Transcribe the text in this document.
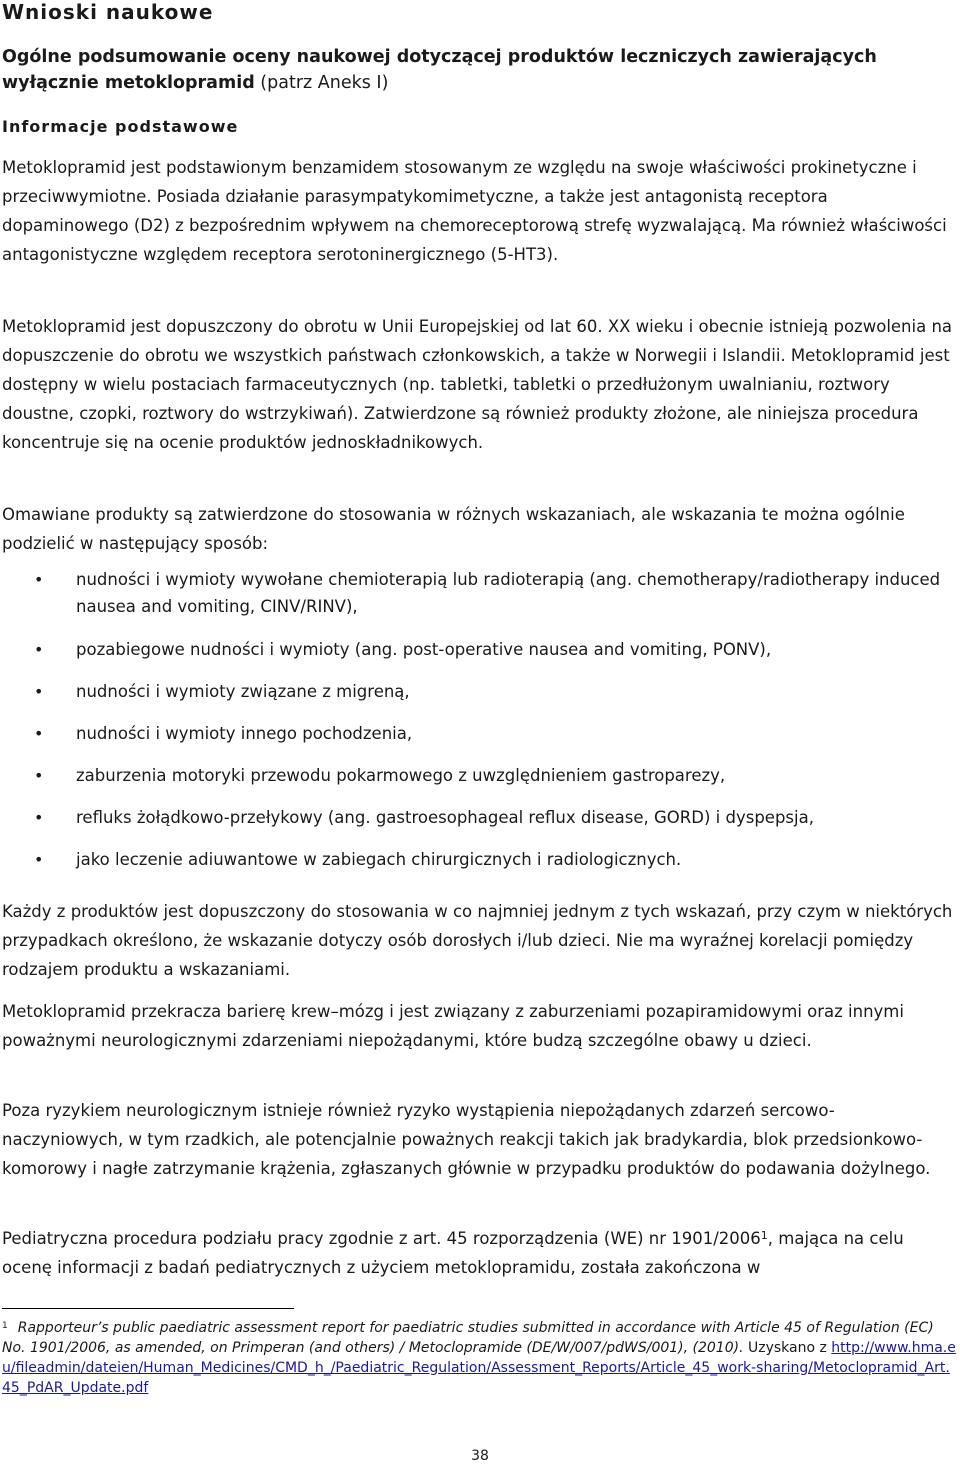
Wnioski naukowe
Ogólne podsumowanie oceny naukowej dotyczącej produktów leczniczych zawierających wyłącznie metoklopramid (patrz Aneks I)
Informacje podstawowe

Metoklopramid jest podstawionym benzamidem stosowanym ze względu na swoje właściwości prokinetyczne i przeciwwymiotne. Posiada działanie parasympatykomimetyczne, a także jest antagonistą receptora dopaminowego (D2) z bezpośrednim wpływem na chemoreceptorową strefę wyzwalającą. Ma również właściwości antagonistyczne względem receptora serotoninergicznego (5-HT3).

Metoklopramid jest dopuszczony do obrotu w Unii Europejskiej od lat 60. XX wieku i obecnie istnieją pozwolenia na dopuszczenie do obrotu we wszystkich państwach członkowskich, a także w Norwegii i Islandii. Metoklopramid jest dostępny w wielu postaciach farmaceutycznych (np. tabletki, tabletki o przedłużonym uwalnianiu, roztwory doustne, czopki, roztwory do wstrzykiwań). Zatwierdzone są również produkty złożone, ale niniejsza procedura koncentruje się na ocenie produktów jednoskładnikowych.

Omawiane produkty są zatwierdzone do stosowania w różnych wskazaniach, ale wskazania te można ogólnie podzielić w następujący sposób:

• nudności i wymioty wywołane chemioterapią lub radioterapią (ang. chemotherapy/radiotherapy induced nausea and vomiting, CINV/RINV),
• pozabiegowe nudności i wymioty (ang. post-operative nausea and vomiting, PONV),
• nudności i wymioty związane z migreną,
• nudności i wymioty innego pochodzenia,
• zaburzenia motoryki przewodu pokarmowego z uwzględnieniem gastroparezy,
• refluks żołądkowo-przełykowy (ang. gastroesophageal reflux disease, GORD) i dyspepsja,
• jako leczenie adiuwantowe w zabiegach chirurgicznych i radiologicznych.

Każdy z produktów jest dopuszczony do stosowania w co najmniej jednym z tych wskazań, przy czym w niektórych przypadkach określono, że wskazanie dotyczy osób dorosłych i/lub dzieci. Nie ma wyraźnej korelacji pomiędzy rodzajem produktu a wskazaniami.

Metoklopramid przekracza barierę krew–mózg i jest związany z zaburzeniami pozapiramidowymi oraz innymi poważnymi neurologicznymi zdarzeniami niepożądanymi, które budzą szczególne obawy u dzieci.

Poza ryzykiem neurologicznym istnieje również ryzyko wystąpienia niepożądanych zdarzeń sercowo-naczyniowych, w tym rzadkich, ale potencjalnie poważnych reakcji takich jak bradykardia, blok przedsionkowo-komorowy i nagłe zatrzymanie krążenia, zgłaszanych głównie w przypadku produktów do podawania dożylnego.

Pediatryczna procedura podziału pracy zgodnie z art. 45 rozporządzenia (WE) nr 1901/2006$^1$, mająca na celu ocenę informacji z badań pediatrycznych z użyciem metoklopramidu, została zakończona w

$^1$ Rapporteur’s public paediatric assessment report for paediatric studies submitted in accordance with Article 45 of Regulation (EC) No. 1901/2006, as amended, on Primperan (and others) / Metoclopramide (DE/W/007/pdWS/001), (2010). Uzyskano z http://www.hma.eu/fileadmin/dateien/Human_Medicines/CMD_h_/Paediatric_Regulation/Assessment_Reports/Article_45_work-sharing/Metoclopramid_Art.45_PdAR_Update.pdf
38
